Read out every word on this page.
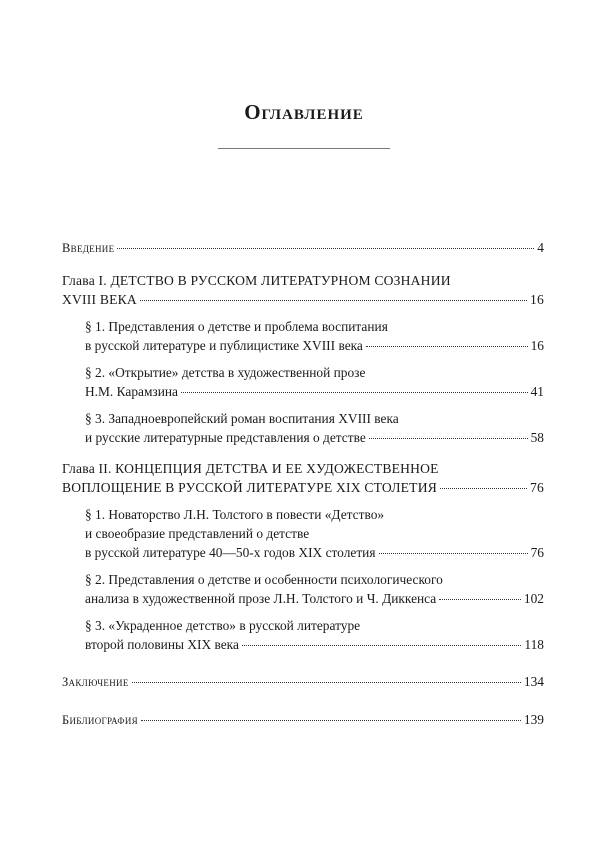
Оглавление
Введение	4
Глава I. ДЕТСТВО В РУССКОМ ЛИТЕРАТУРНОМ СОЗНАНИИ
XVIII ВЕКА	16
§ 1. Представления о детстве и проблема воспитания
в русской литературе и публицистике XVIII века	16
§ 2. «Открытие» детства в художественной прозе
Н.М. Карамзина	41
§ 3. Западноевропейский роман воспитания XVIII века
и русские литературные представления о детстве	58
Глава II. КОНЦЕПЦИЯ ДЕТСТВА И ЕЕ ХУДОЖЕСТВЕННОЕ
ВОПЛОЩЕНИЕ В РУССКОЙ ЛИТЕРАТУРЕ XIX СТОЛЕТИЯ	76
§ 1. Новаторство Л.Н. Толстого в повести «Детство»
и своеобразие представлений о детстве
в русской литературе 40—50-х годов XIX столетия	76
§ 2. Представления о детстве и особенности психологического
анализа в художественной прозе Л.Н. Толстого и Ч. Диккенса	102
§ 3. «Украденное детство» в русской литературе
второй половины XIX века	118
Заключение	134
Библиография	139
